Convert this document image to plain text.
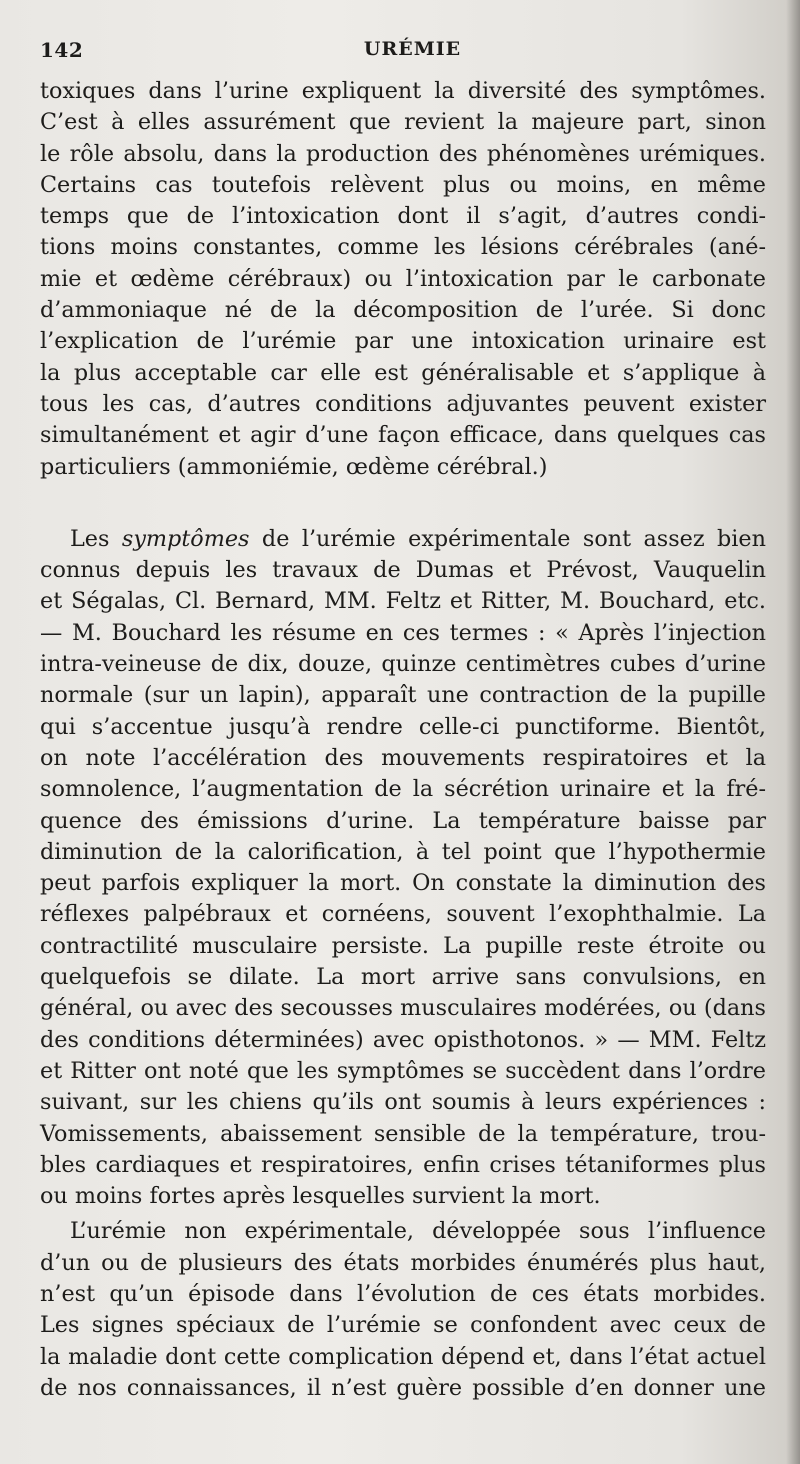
142	URÉMIE
toxiques dans l’urine expliquent la diversité des symptômes.
C’est à elles assurément que revient la majeure part, sinon
le rôle absolu, dans la production des phénomènes urémiques.
Certains cas toutefois relèvent plus ou moins, en même
temps que de l’intoxication dont il s’agit, d’autres condi-
tions moins constantes, comme les lésions cérébrales (ané-
mie et œdème cérébraux) ou l’intoxication par le carbonate
d’ammoniaque né de la décomposition de l’urée. Si donc
l’explication de l’urémie par une intoxication urinaire est
la plus acceptable car elle est généralisable et s’applique à
tous les cas, d’autres conditions adjuvantes peuvent exister
simultanément et agir d’une façon efficace, dans quelques cas
particuliers (ammoniémie, œdème cérébral.)
Les symptômes de l’urémie expérimentale sont assez bien
connus depuis les travaux de Dumas et Prévost, Vauquelin
et Ségalas, Cl. Bernard, MM. Feltz et Ritter, M. Bouchard, etc.
— M. Bouchard les résume en ces termes : « Après l’injection
intra-veineuse de dix, douze, quinze centimètres cubes d’urine
normale (sur un lapin), apparaît une contraction de la pupille
qui s’accentue jusqu’à rendre celle-ci punctiforme. Bientôt,
on note l’accélération des mouvements respiratoires et la
somnolence, l’augmentation de la sécrétion urinaire et la fré-
quence des émissions d’urine. La température baisse par
diminution de la calorification, à tel point que l’hypothermie
peut parfois expliquer la mort. On constate la diminution des
réflexes palpébraux et cornéens, souvent l’exophthalmie. La
contractilité musculaire persiste. La pupille reste étroite ou
quelquefois se dilate. La mort arrive sans convulsions, en
général, ou avec des secousses musculaires modérées, ou (dans
des conditions déterminées) avec opisthotonos. » — MM. Feltz
et Ritter ont noté que les symptômes se succèdent dans l’ordre
suivant, sur les chiens qu’ils ont soumis à leurs expériences :
Vomissements, abaissement sensible de la température, trou-
bles cardiaques et respiratoires, enfin crises tétaniformes plus
ou moins fortes après lesquelles survient la mort.
L’urémie non expérimentale, développée sous l’influence
d’un ou de plusieurs des états morbides énumérés plus haut,
n’est qu’un épisode dans l’évolution de ces états morbides.
Les signes spéciaux de l’urémie se confondent avec ceux de
la maladie dont cette complication dépend et, dans l’état actuel
de nos connaissances, il n’est guère possible d’en donner une
